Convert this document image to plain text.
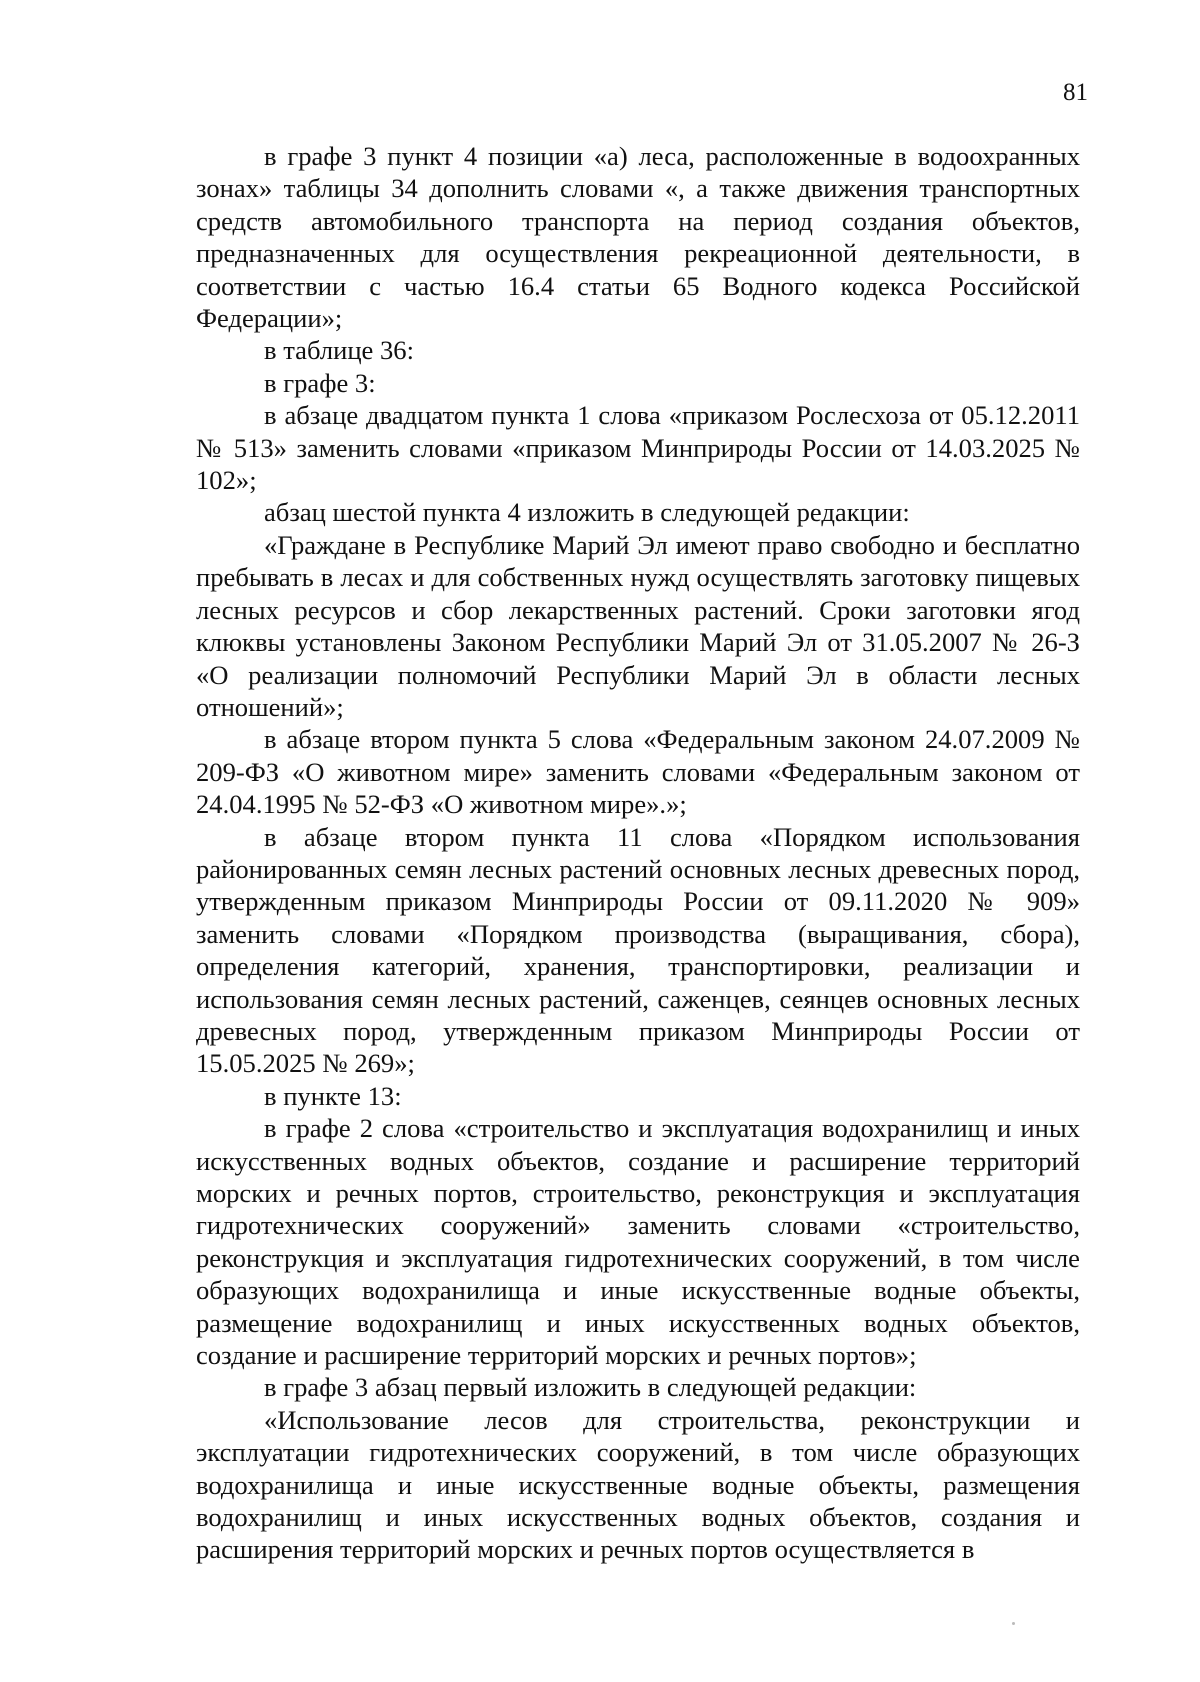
81

в графе 3 пункт 4 позиции «а) леса, расположенные в водоохранных зонах» таблицы 34 дополнить словами «, а также движения транспортных средств автомобильного транспорта на период создания объектов, предназначенных для осуществления рекреационной деятельности, в соответствии с частью 16.4 статьи 65 Водного кодекса Российской Федерации»;

в таблице 36:

в графе 3:

в абзаце двадцатом пункта 1 слова «приказом Рослесхоза от 05.12.2011 № 513» заменить словами «приказом Минприроды России от 14.03.2025 № 102»;

абзац шестой пункта 4 изложить в следующей редакции:

«Граждане в Республике Марий Эл имеют право свободно и бесплатно пребывать в лесах и для собственных нужд осуществлять заготовку пищевых лесных ресурсов и сбор лекарственных растений. Сроки заготовки ягод клюквы установлены Законом Республики Марий Эл от 31.05.2007 № 26-З «О реализации полномочий Республики Марий Эл в области лесных отношений»;

в абзаце втором пункта 5 слова «Федеральным законом 24.07.2009 № 209-ФЗ «О животном мире» заменить словами «Федеральным законом от 24.04.1995 № 52-ФЗ «О животном мире».»;

в абзаце втором пункта 11 слова «Порядком использования районированных семян лесных растений основных лесных древесных пород, утвержденным приказом Минприроды России от 09.11.2020 № 909» заменить словами «Порядком производства (выращивания, сбора), определения категорий, хранения, транспортировки, реализации и использования семян лесных растений, саженцев, сеянцев основных лесных древесных пород, утвержденным приказом Минприроды России от 15.05.2025 № 269»;

в пункте 13:

в графе 2 слова «строительство и эксплуатация водохранилищ и иных искусственных водных объектов, создание и расширение территорий морских и речных портов, строительство, реконструкция и эксплуатация гидротехнических сооружений» заменить словами «строительство, реконструкция и эксплуатация гидротехнических сооружений, в том числе образующих водохранилища и иные искусственные водные объекты, размещение водохранилищ и иных искусственных водных объектов, создание и расширение территорий морских и речных портов»;

в графе 3 абзац первый изложить в следующей редакции:

«Использование лесов для строительства, реконструкции и эксплуатации гидротехнических сооружений, в том числе образующих водохранилища и иные искусственные водные объекты, размещения водохранилищ и иных искусственных водных объектов, создания и расширения территорий морских и речных портов осуществляется в
